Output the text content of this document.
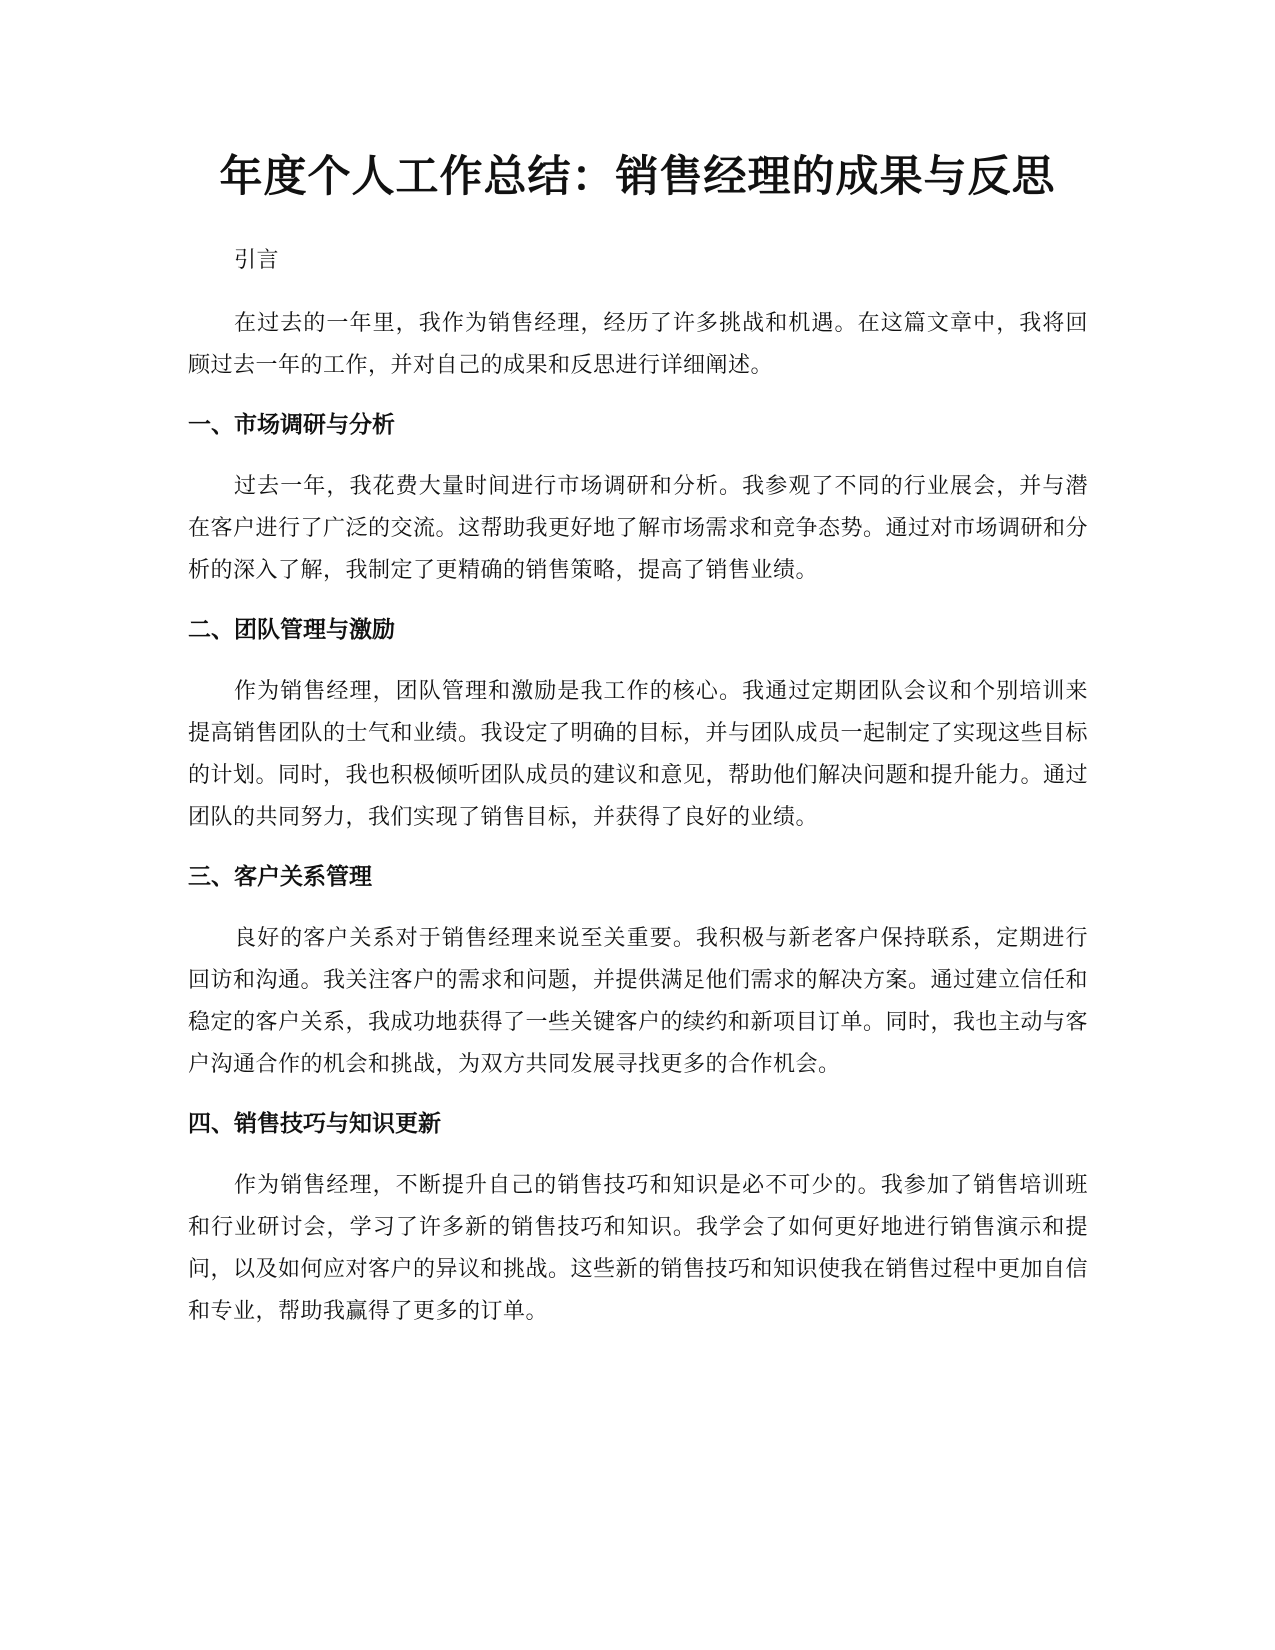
年度个人工作总结：销售经理的成果与反思

引言

在过去的一年里，我作为销售经理，经历了许多挑战和机遇。在这篇文章中，我将回顾过去一年的工作，并对自己的成果和反思进行详细阐述。

一、市场调研与分析

过去一年，我花费大量时间进行市场调研和分析。我参观了不同的行业展会，并与潜在客户进行了广泛的交流。这帮助我更好地了解市场需求和竞争态势。通过对市场调研和分析的深入了解，我制定了更精确的销售策略，提高了销售业绩。

二、团队管理与激励

作为销售经理，团队管理和激励是我工作的核心。我通过定期团队会议和个别培训来提高销售团队的士气和业绩。我设定了明确的目标，并与团队成员一起制定了实现这些目标的计划。同时，我也积极倾听团队成员的建议和意见，帮助他们解决问题和提升能力。通过团队的共同努力，我们实现了销售目标，并获得了良好的业绩。

三、客户关系管理

良好的客户关系对于销售经理来说至关重要。我积极与新老客户保持联系，定期进行回访和沟通。我关注客户的需求和问题，并提供满足他们需求的解决方案。通过建立信任和稳定的客户关系，我成功地获得了一些关键客户的续约和新项目订单。同时，我也主动与客户沟通合作的机会和挑战，为双方共同发展寻找更多的合作机会。

四、销售技巧与知识更新

作为销售经理，不断提升自己的销售技巧和知识是必不可少的。我参加了销售培训班和行业研讨会，学习了许多新的销售技巧和知识。我学会了如何更好地进行销售演示和提问，以及如何应对客户的异议和挑战。这些新的销售技巧和知识使我在销售过程中更加自信和专业，帮助我赢得了更多的订单。
